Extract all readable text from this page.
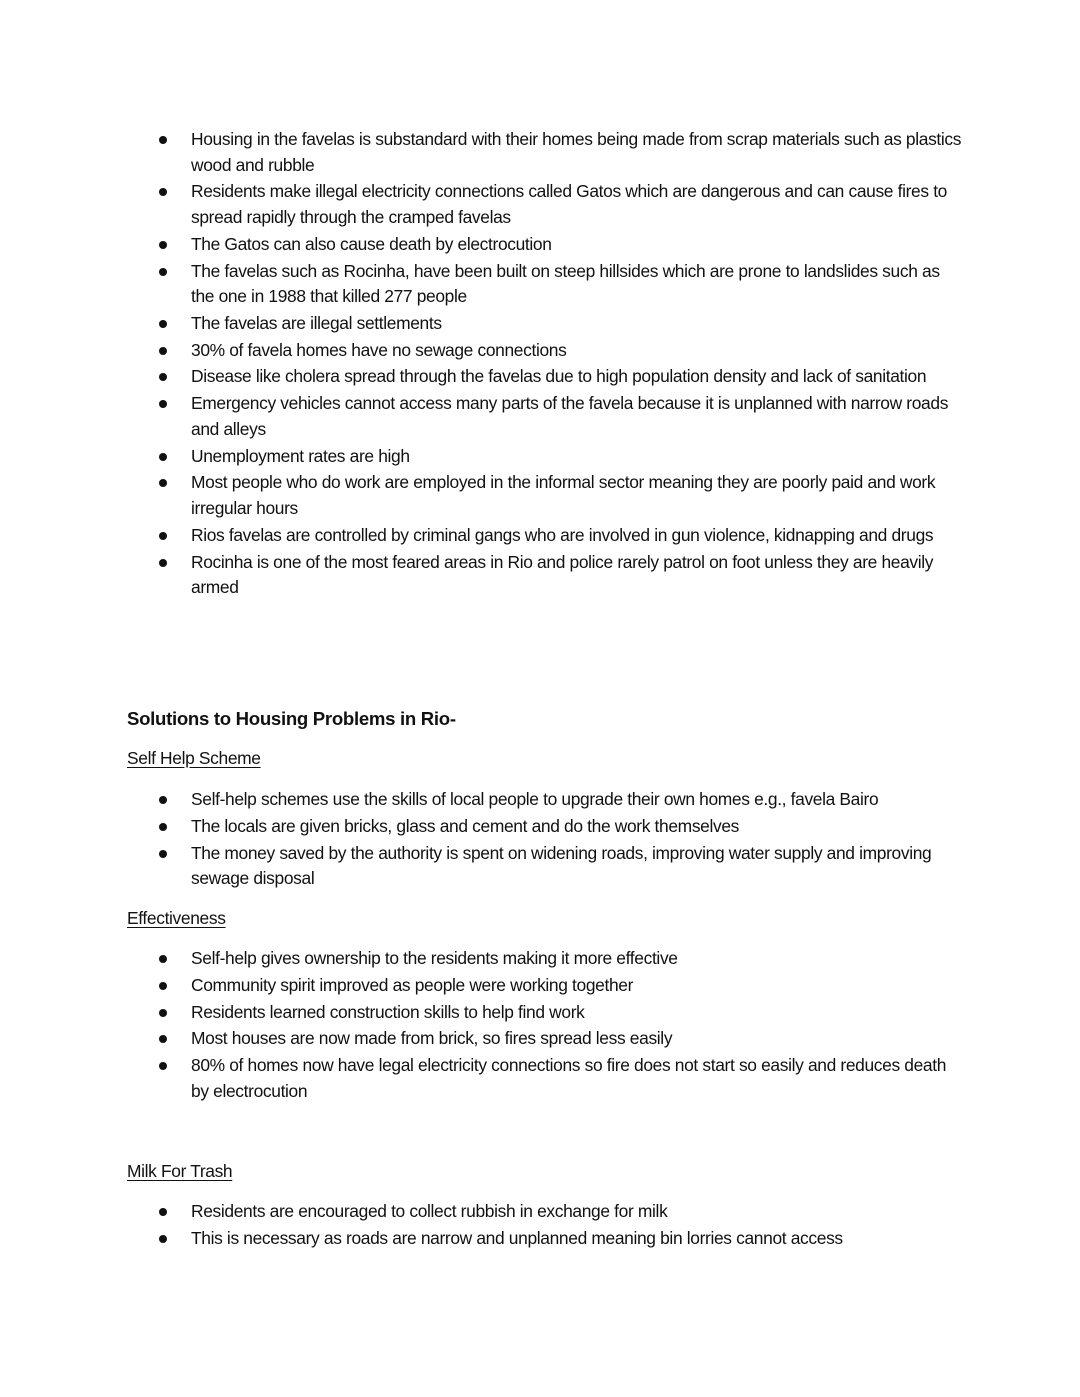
Housing in the favelas is substandard with their homes being made from scrap materials such as plastics wood and rubble
Residents make illegal electricity connections called Gatos which are dangerous and can cause fires to spread rapidly through the cramped favelas
The Gatos can also cause death by electrocution
The favelas such as Rocinha, have been built on steep hillsides which are prone to landslides such as the one in 1988 that killed 277 people
The favelas are illegal settlements
30% of favela homes have no sewage connections
Disease like cholera spread through the favelas due to high population density and lack of sanitation
Emergency vehicles cannot access many parts of the favela because it is unplanned with narrow roads and alleys
Unemployment rates are high
Most people who do work are employed in the informal sector meaning they are poorly paid and work irregular hours
Rios favelas are controlled by criminal gangs who are involved in gun violence, kidnapping and drugs
Rocinha is one of the most feared areas in Rio and police rarely patrol on foot unless they are heavily armed
Solutions to Housing Problems in Rio-
Self Help Scheme
Self-help schemes use the skills of local people to upgrade their own homes e.g., favela Bairo
The locals are given bricks, glass and cement and do the work themselves
The money saved by the authority is spent on widening roads, improving water supply and improving sewage disposal
Effectiveness
Self-help gives ownership to the residents making it more effective
Community spirit improved as people were working together
Residents learned construction skills to help find work
Most houses are now made from brick, so fires spread less easily
80% of homes now have legal electricity connections so fire does not start so easily and reduces death by electrocution
Milk For Trash
Residents are encouraged to collect rubbish in exchange for milk
This is necessary as roads are narrow and unplanned meaning bin lorries cannot access
